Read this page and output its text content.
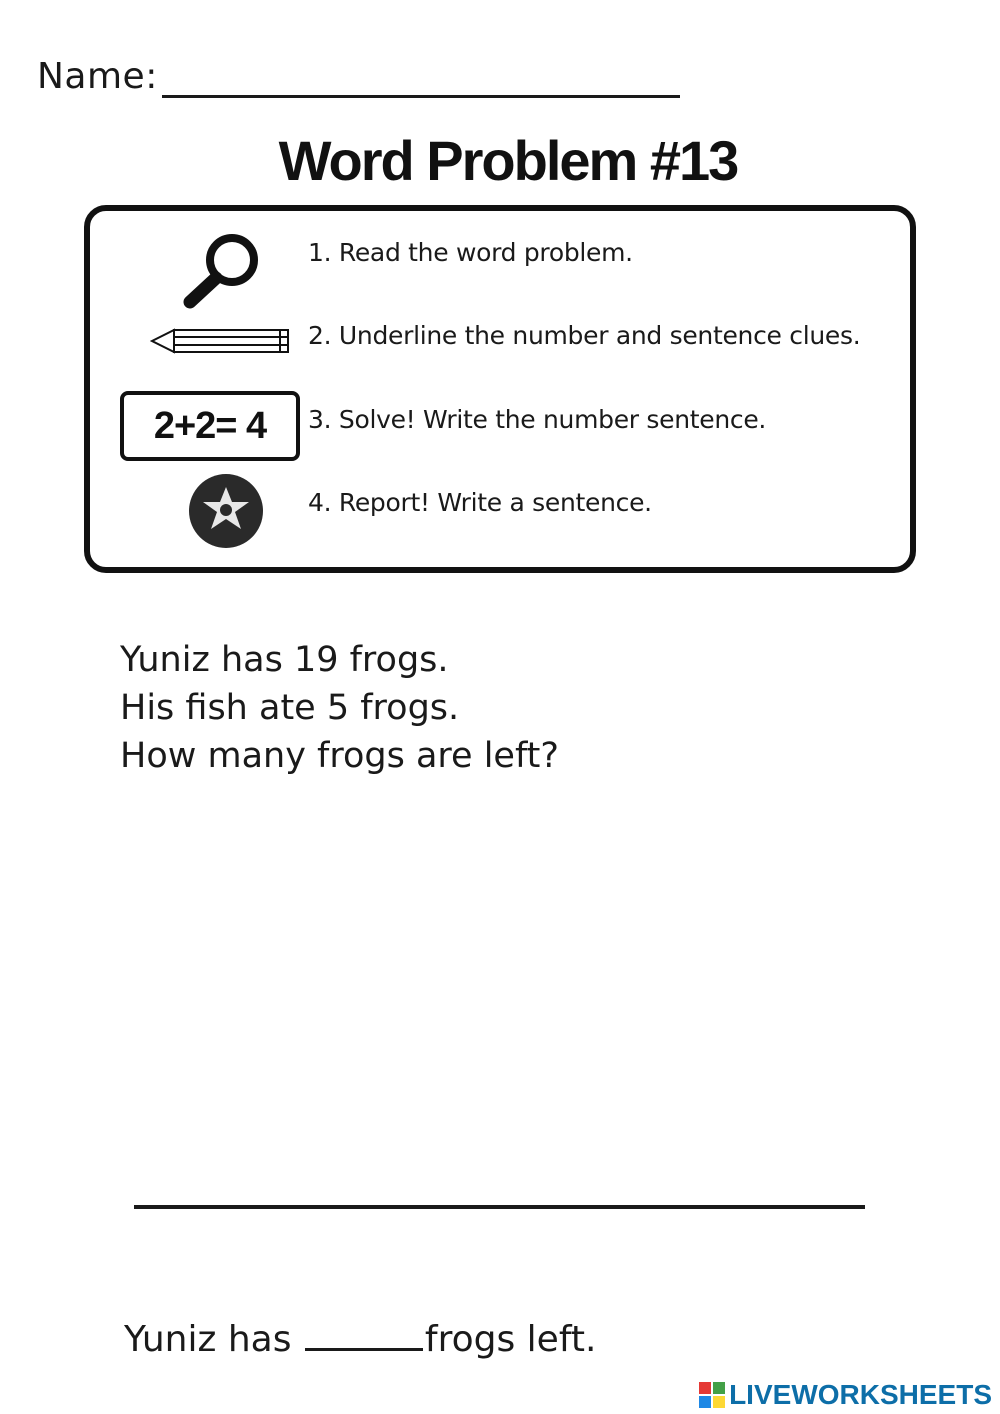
Name:
Word Problem #13
1. Read the word problem.
2. Underline the number and sentence clues.
2+2= 4	3. Solve! Write the number sentence.
4. Report! Write a sentence.
Yuniz has 19 frogs.
His fish ate 5 frogs.
How many frogs are left?
Yuniz has	frogs left.
LIVEWORKSHEETS
